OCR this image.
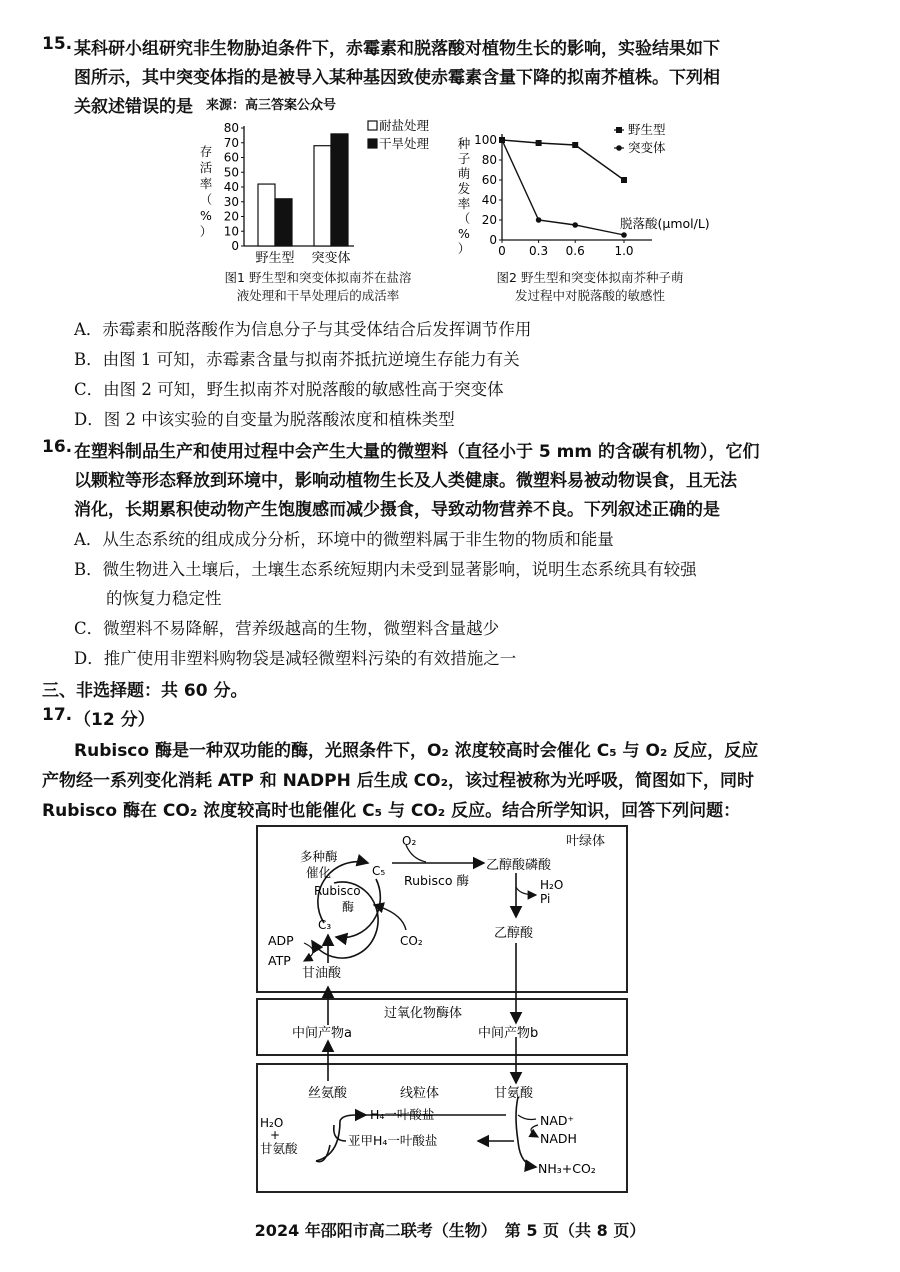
15. 某科研小组研究非生物胁迫条件下，赤霉素和脱落酸对植物生长的影响，实验结果如下
图所示，其中突变体指的是被导入某种基因致使赤霉素含量下降的拟南芥植株。下列相
关叙述错误的是 来源：高三答案公众号
存
活
率
（
%
）
0
10
20
30
40
50
60
70
80
野生型 突变体
耐盐处理
干旱处理
图1 野生型和突变体拟南芥在盐溶
液处理和干旱处理后的成活率
种
子
萌
发
率
（
%
）
0
20
40
60
80
100
0 0.3 0.6 1.0
野生型
突变体
脱落酸(μmol/L)
图2 野生型和突变体拟南芥种子萌
发过程中对脱落酸的敏感性
A．赤霉素和脱落酸作为信息分子与其受体结合后发挥调节作用
B．由图 1 可知，赤霉素含量与拟南芥抵抗逆境生存能力有关
C．由图 2 可知，野生拟南芥对脱落酸的敏感性高于突变体
D．图 2 中该实验的自变量为脱落酸浓度和植株类型
16. 在塑料制品生产和使用过程中会产生大量的微塑料（直径小于 5 mm 的含碳有机物），它们
以颗粒等形态释放到环境中，影响动植物生长及人类健康。微塑料易被动物误食，且无法
消化，长期累积使动物产生饱腹感而减少摄食，导致动物营养不良。下列叙述正确的是
A．从生态系统的组成成分分析，环境中的微塑料属于非生物的物质和能量
B．微生物进入土壤后，土壤生态系统短期内未受到显著影响，说明生态系统具有较强
的恢复力稳定性
C．微塑料不易降解，营养级越高的生物，微塑料含量越少
D．推广使用非塑料购物袋是减轻微塑料污染的有效措施之一
三、非选择题：共 60 分。
17. （12 分）
Rubisco 酶是一种双功能的酶，光照条件下，O₂ 浓度较高时会催化 C₅ 与 O₂ 反应，反应
产物经一系列变化消耗 ATP 和 NADPH 后生成 CO₂，该过程被称为光呼吸，简图如下，同时
Rubisco 酶在 CO₂ 浓度较高时也能催化 C₅ 与 CO₂ 反应。结合所学知识，回答下列问题：
叶绿体
多种酶
催化
Rubisco
酶
C₅
C₃
O₂
CO₂
Rubisco 酶
乙醇酸磷酸
H₂O
Pi
乙醇酸
ADP
ATP
甘油酸
过氧化物酶体
中间产物a	中间产物b
丝氨酸	线粒体	甘氨酸
H₂O
+
甘氨酸
H₄一叶酸盐
亚甲H₄一叶酸盐
NAD⁺
NADH
NH₃+CO₂
2024 年邵阳市高二联考（生物）　第 5 页（共 8 页）
